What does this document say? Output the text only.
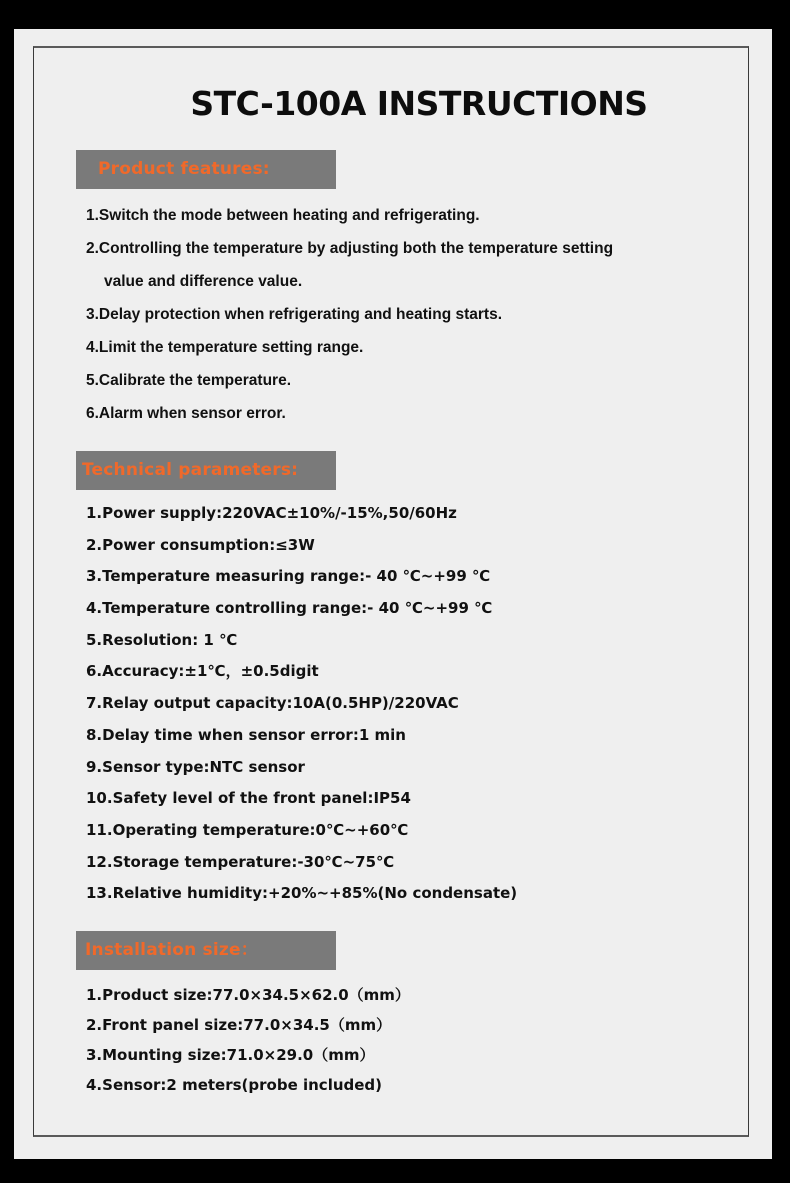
STC-100A INSTRUCTIONS
Product features:
1.Switch the mode between heating and refrigerating.
2.Controlling the temperature by adjusting both the temperature setting
value and difference value.
3.Delay protection when refrigerating and heating starts.
4.Limit the temperature setting range.
5.Calibrate the temperature.
6.Alarm when sensor error.
Technical parameters:
1.Power supply:220VAC±10%/-15%,50/60Hz
2.Power consumption:≤3W
3.Temperature measuring range:- 40 ℃~+99 ℃
4.Temperature controlling range:- 40 ℃~+99 ℃
5.Resolution: 1 ℃
6.Accuracy:±1℃，±0.5digit
7.Relay output capacity:10A(0.5HP)/220VAC
8.Delay time when sensor error:1 min
9.Sensor type:NTC sensor
10.Safety level of the front panel:IP54
11.Operating temperature:0℃~+60℃
12.Storage temperature:-30℃~75℃
13.Relative humidity:+20%~+85%(No condensate)
Installation size：
1.Product size:77.0×34.5×62.0（mm）
2.Front panel size:77.0×34.5（mm）
3.Mounting size:71.0×29.0（mm）
4.Sensor:2 meters(probe included)
